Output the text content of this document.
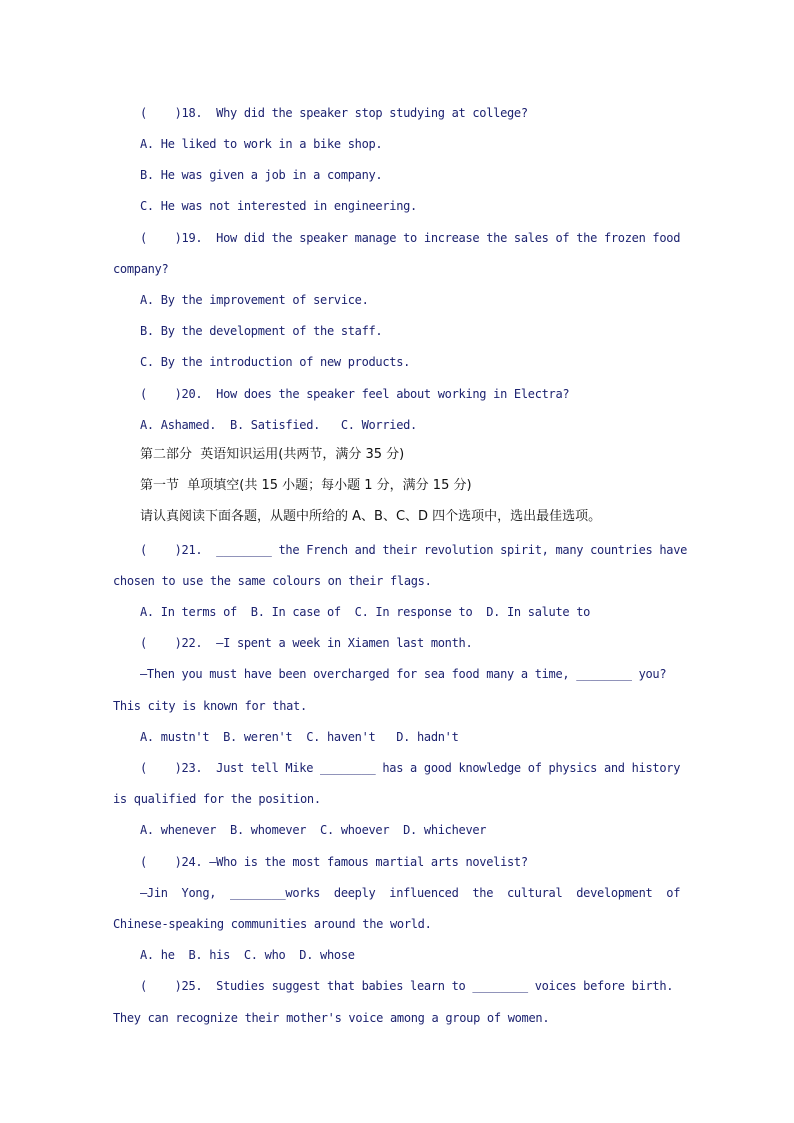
(    )18.  Why did the speaker stop studying at college?
A. He liked to work in a bike shop.
B. He was given a job in a company.
C. He was not interested in engineering.
(    )19.  How did the speaker manage to increase the sales of the frozen food
company?
A. By the improvement of service.
B. By the development of the staff.
C. By the introduction of new products.
(    )20.  How does the speaker feel about working in Electra?
A. Ashamed.  B. Satisfied.   C. Worried.
第二部分  英语知识运用(共两节，满分 35 分)
第一节  单项填空(共 15 小题；每小题 1 分，满分 15 分)
请认真阅读下面各题，从题中所给的 A、B、C、D 四个选项中，选出最佳选项。
(    )21.  ________ the French and their revolution spirit, many countries have
chosen to use the same colours on their flags.
A. In terms of  B. In case of  C. In response to  D. In salute to
(    )22.  —I spent a week in Xiamen last month.
—Then you must have been overcharged for sea food many a time, ________ you?
This city is known for that.
A. mustn't  B. weren't  C. haven't   D. hadn't
(    )23.  Just tell Mike ________ has a good knowledge of physics and history
is qualified for the position.
A. whenever  B. whomever  C. whoever  D. whichever
(    )24. —Who is the most famous martial arts novelist?
—Jin  Yong,  ________works  deeply  influenced  the  cultural  development  of
Chinese-speaking communities around the world.
A. he  B. his  C. who  D. whose
(    )25.  Studies suggest that babies learn to ________ voices before birth.
They can recognize their mother's voice among a group of women.
